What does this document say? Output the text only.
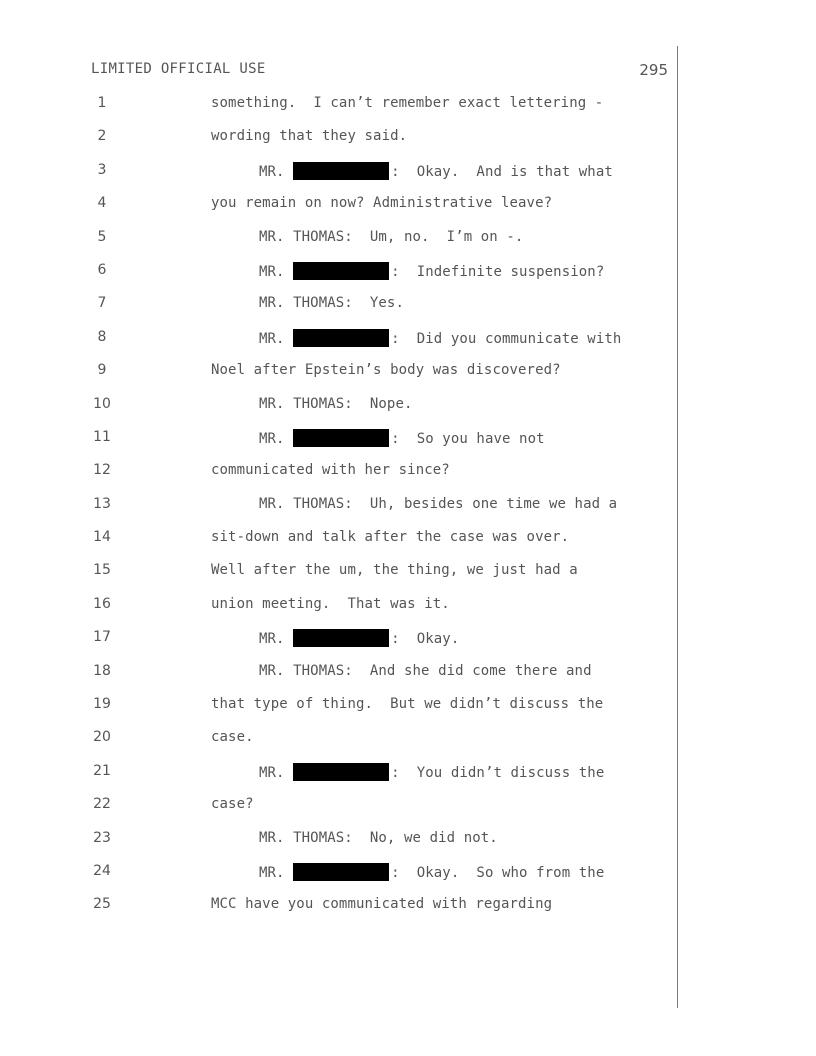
LIMITED OFFICIAL USE	295
1	something.  I can’t remember exact lettering -
2	wording that they said.
3	MR.	:  Okay.  And is that what
4	you remain on now? Administrative leave?
5	MR. THOMAS:  Um, no.  I’m on -.
6	MR.	:  Indefinite suspension?
7	MR. THOMAS:  Yes.
8	MR.	:  Did you communicate with
9	Noel after Epstein’s body was discovered?
10	MR. THOMAS:  Nope.
11	MR.	:  So you have not
12	communicated with her since?
13	MR. THOMAS:  Uh, besides one time we had a
14	sit-down and talk after the case was over.
15	Well after the um, the thing, we just had a
16	union meeting.  That was it.
17	MR.	:  Okay.
18	MR. THOMAS:  And she did come there and
19	that type of thing.  But we didn’t discuss the
20	case.
21	MR.	:  You didn’t discuss the
22	case?
23	MR. THOMAS:  No, we did not.
24	MR.	:  Okay.  So who from the
25	MCC have you communicated with regarding
